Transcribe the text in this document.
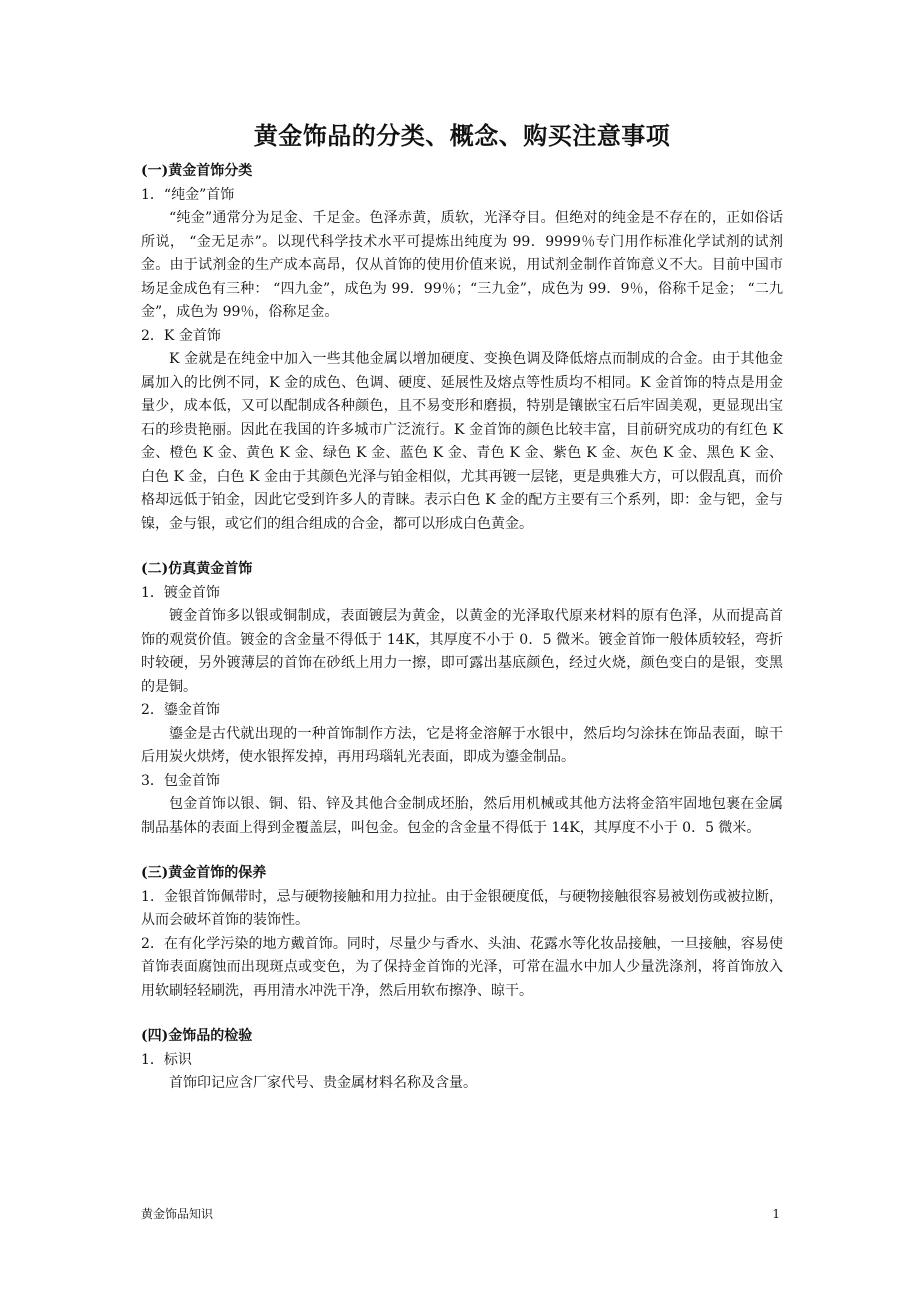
黄金饰品的分类、概念、购买注意事项

(一)黄金首饰分类

1．“纯金”首饰

“纯金”通常分为足金、千足金。色泽赤黄，质软，光泽夺目。但绝对的纯金是不存在的，正如俗话所说， “金无足赤”。以现代科学技术水平可提炼出纯度为 99．9999％专门用作标准化学试剂的试剂金。由于试剂金的生产成本高昂，仅从首饰的使用价值来说，用试剂金制作首饰意义不大。目前中国市场足金成色有三种： “四九金”，成色为 99．99％；“三九金”，成色为 99．9％，俗称千足金； “二九金”，成色为 99％，俗称足金。

2．K 金首饰

K 金就是在纯金中加入一些其他金属以增加硬度、变换色调及降低熔点而制成的合金。由于其他金属加入的比例不同，K 金的成色、色调、硬度、延展性及熔点等性质均不相同。K 金首饰的特点是用金量少，成本低，又可以配制成各种颜色，且不易变形和磨损，特别是镶嵌宝石后牢固美观，更显现出宝石的珍贵艳丽。因此在我国的许多城市广泛流行。K 金首饰的颜色比较丰富，目前研究成功的有红色 K 金、橙色 K 金、黄色 K 金、绿色 K 金、蓝色 K 金、青色 K 金、紫色 K 金、灰色 K 金、黑色 K 金、白色 K 金，白色 K 金由于其颜色光泽与铂金相似，尤其再镀一层铑，更是典雅大方，可以假乱真，而价格却远低于铂金，因此它受到许多人的青睐。表示白色 K 金的配方主要有三个系列，即：金与钯，金与镍，金与银，或它们的组合组成的合金，都可以形成白色黄金。

(二)仿真黄金首饰

1．镀金首饰

镀金首饰多以银或铜制成，表面镀层为黄金，以黄金的光泽取代原来材料的原有色泽，从而提高首饰的观赏价值。镀金的含金量不得低于 14K，其厚度不小于 0．5 微米。镀金首饰一般体质较轻，弯折时较硬，另外镀薄层的首饰在砂纸上用力一擦，即可露出基底颜色，经过火烧，颜色变白的是银，变黑的是铜。

2．鎏金首饰

鎏金是古代就出现的一种首饰制作方法，它是将金溶解于水银中，然后均匀涂抹在饰品表面，晾干后用炭火烘烤，使水银挥发掉，再用玛瑙轧光表面，即成为鎏金制品。

3．包金首饰

包金首饰以银、铜、铅、锌及其他合金制成坯胎，然后用机械或其他方法将金箔牢固地包裹在金属制品基体的表面上得到金覆盖层，叫包金。包金的含金量不得低于 14K，其厚度不小于 0．5 微米。

(三)黄金首饰的保养

1．金银首饰佩带时，忌与硬物接触和用力拉扯。由于金银硬度低，与硬物接触很容易被划伤或被拉断，从而会破坏首饰的装饰性。

2．在有化学污染的地方戴首饰。同时，尽量少与香水、头油、花露水等化妆品接触，一旦接触，容易使首饰表面腐蚀而出现斑点或变色，为了保持金首饰的光泽，可常在温水中加人少量洗涤剂，将首饰放入用软刷轻轻刷洗，再用清水冲洗干净，然后用软布擦净、晾干。

(四)金饰品的检验

1．标识

首饰印记应含厂家代号、贵金属材料名称及含量。

黄金饰品知识	1
